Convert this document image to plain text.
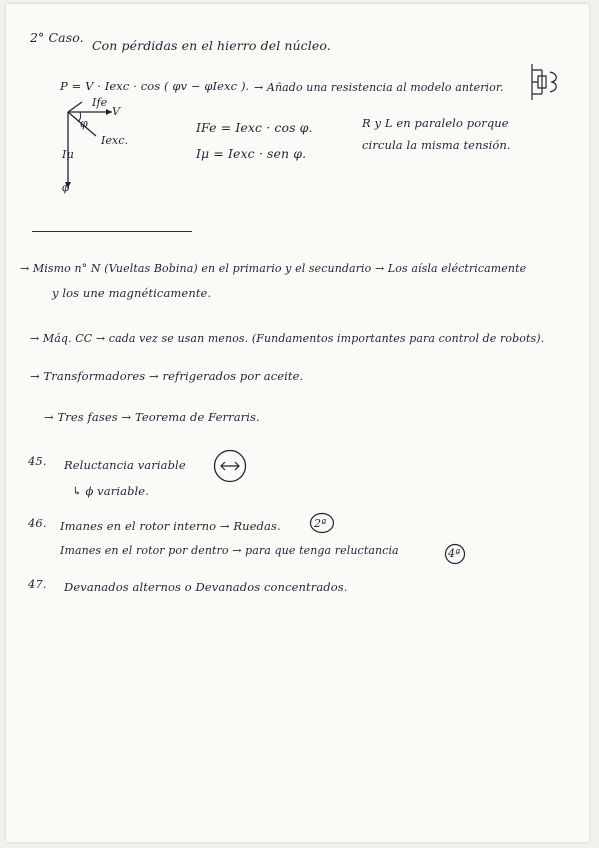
2° Caso.
Con pérdidas en el hierro del núcleo.
P = V · Iexc · cos ( φv − φIexc ). → Añado una resistencia al modelo anterior.
Ife
V
φ
Iexc.
Iμ
ϕ
IFe = Iexc · cos φ.
Iμ = Iexc · sen φ.
R y L en paralelo porque
circula la misma tensión.
→ Mismo n° N (Vueltas Bobina) en el primario y el secundario → Los aísla eléctricamente
y los une magnéticamente.
→ Máq. CC → cada vez se usan menos. (Fundamentos importantes para control de robots).
→ Transformadores → refrigerados por aceite.
→ Tres fases → Teorema de Ferraris.
45. Reluctancia variable
↳ ϕ variable.
46. Imanes en el rotor interno → Ruedas.	2ª
Imanes en el rotor por dentro → para que tenga reluctancia	4ª
47. Devanados alternos o Devanados concentrados.
